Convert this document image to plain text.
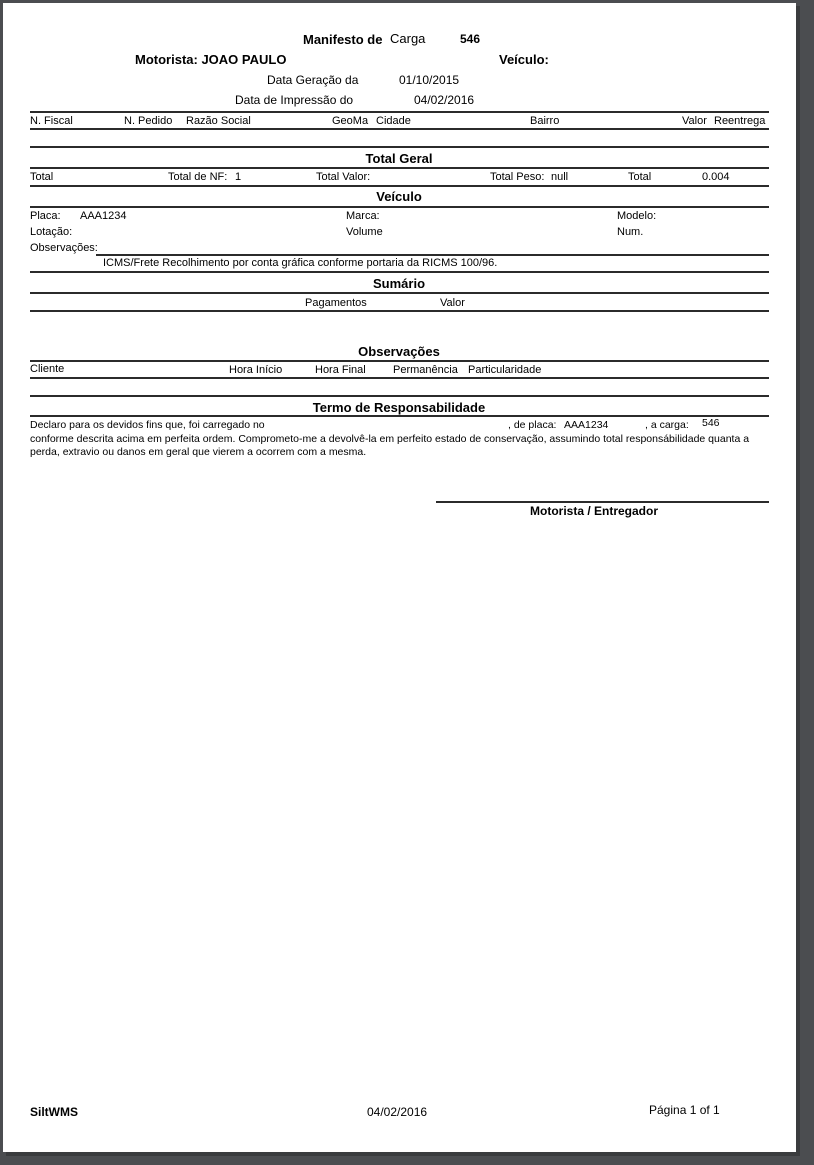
Manifesto de Carga	546
Motorista: JOAO PAULO	Veículo:
Data Geração da	01/10/2015
Data de Impressão do	04/02/2016
N. Fiscal	N. Pedido Razão Social	GeoMa Cidade	Bairro	Valor Reentrega
Total Geral
Total	Total de NF: 1	Total Valor:	Total Peso: null	Total	0.004
Veículo
Placa: AAA1234	Marca:	Modelo:
Lotação:	Volume	Num.
Observações:
ICMS/Frete Recolhimento por conta gráfica conforme portaria da RICMS 100/96.
Sumário
Pagamentos	Valor
Observações
Cliente	Hora Início	Hora Final Permanência Particularidade
Termo de Responsabilidade
Declaro para os devidos fins que, foi carregado no	, de placa: AAA1234	, a carga: 546
conforme descrita acima em perfeita ordem. Comprometo-me a devolvê-la em perfeito estado de conservação, assumindo total responsábilidade quanta a
perda, extravio ou danos em geral que vierem a ocorrem com a mesma.
Motorista / Entregador
SiltWMS	04/02/2016	Página 1 of 1
